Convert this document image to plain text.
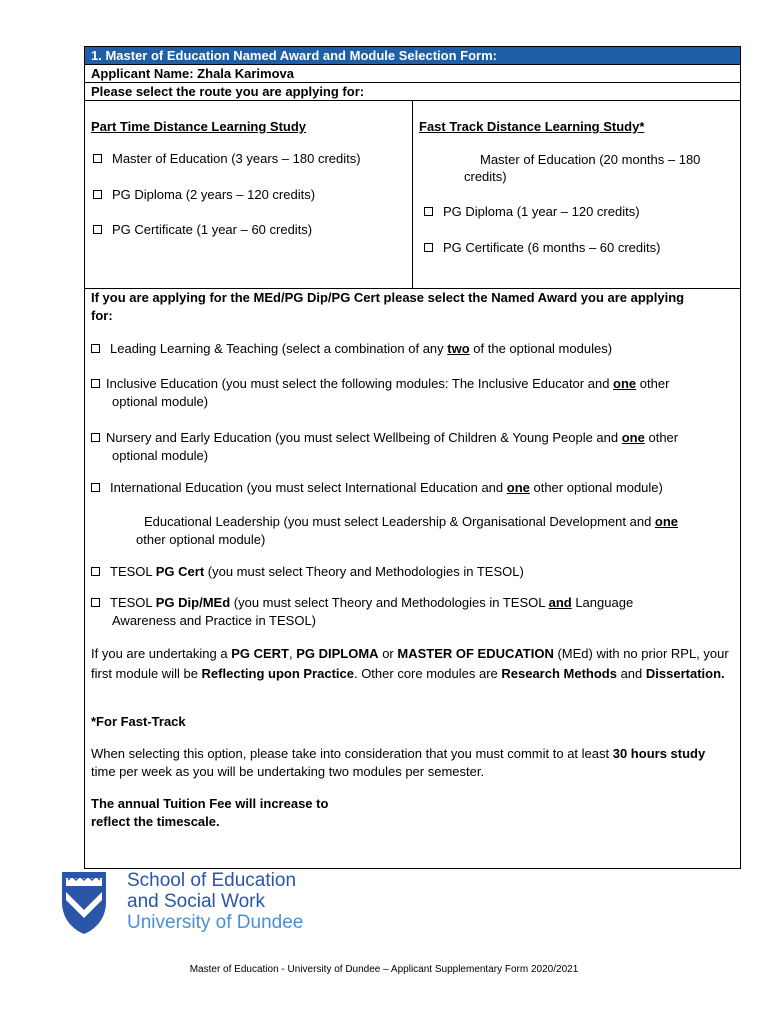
1. Master of Education Named Award and Module Selection Form:
Applicant Name: Zhala Karimova
Please select the route you are applying for:
Part Time Distance Learning Study
Master of Education (3 years – 180 credits)
PG Diploma (2 years – 120 credits)
PG Certificate (1 year – 60 credits)
Fast Track Distance Learning Study*
Master of Education (20 months – 180
credits)
PG Diploma (1 year – 120 credits)
PG Certificate (6 months – 60 credits)
If you are applying for the MEd/PG Dip/PG Cert please select the Named Award you are applying
for:
Leading Learning & Teaching (select a combination of any two of the optional modules)
Inclusive Education (you must select the following modules: The Inclusive Educator and one other
optional module)
Nursery and Early Education (you must select Wellbeing of Children & Young People and one other
optional module)
International Education (you must select International Education and one other optional module)
Educational Leadership (you must select Leadership & Organisational Development and one
other optional module)
TESOL PG Cert (you must select Theory and Methodologies in TESOL)
TESOL PG Dip/MEd (you must select Theory and Methodologies in TESOL and Language
Awareness and Practice in TESOL)
If you are undertaking a PG CERT, PG DIPLOMA or MASTER OF EDUCATION (MEd) with no prior RPL, your first module will be Reflecting upon Practice. Other core modules are Research Methods and Dissertation.
*For Fast-Track
When selecting this option, please take into consideration that you must commit to at least 30 hours study time per week as you will be undertaking two modules per semester.
The annual Tuition Fee will increase to
reflect the timescale.
School of Education
and Social Work
University of Dundee
Master of Education - University of Dundee – Applicant Supplementary Form 2020/2021
